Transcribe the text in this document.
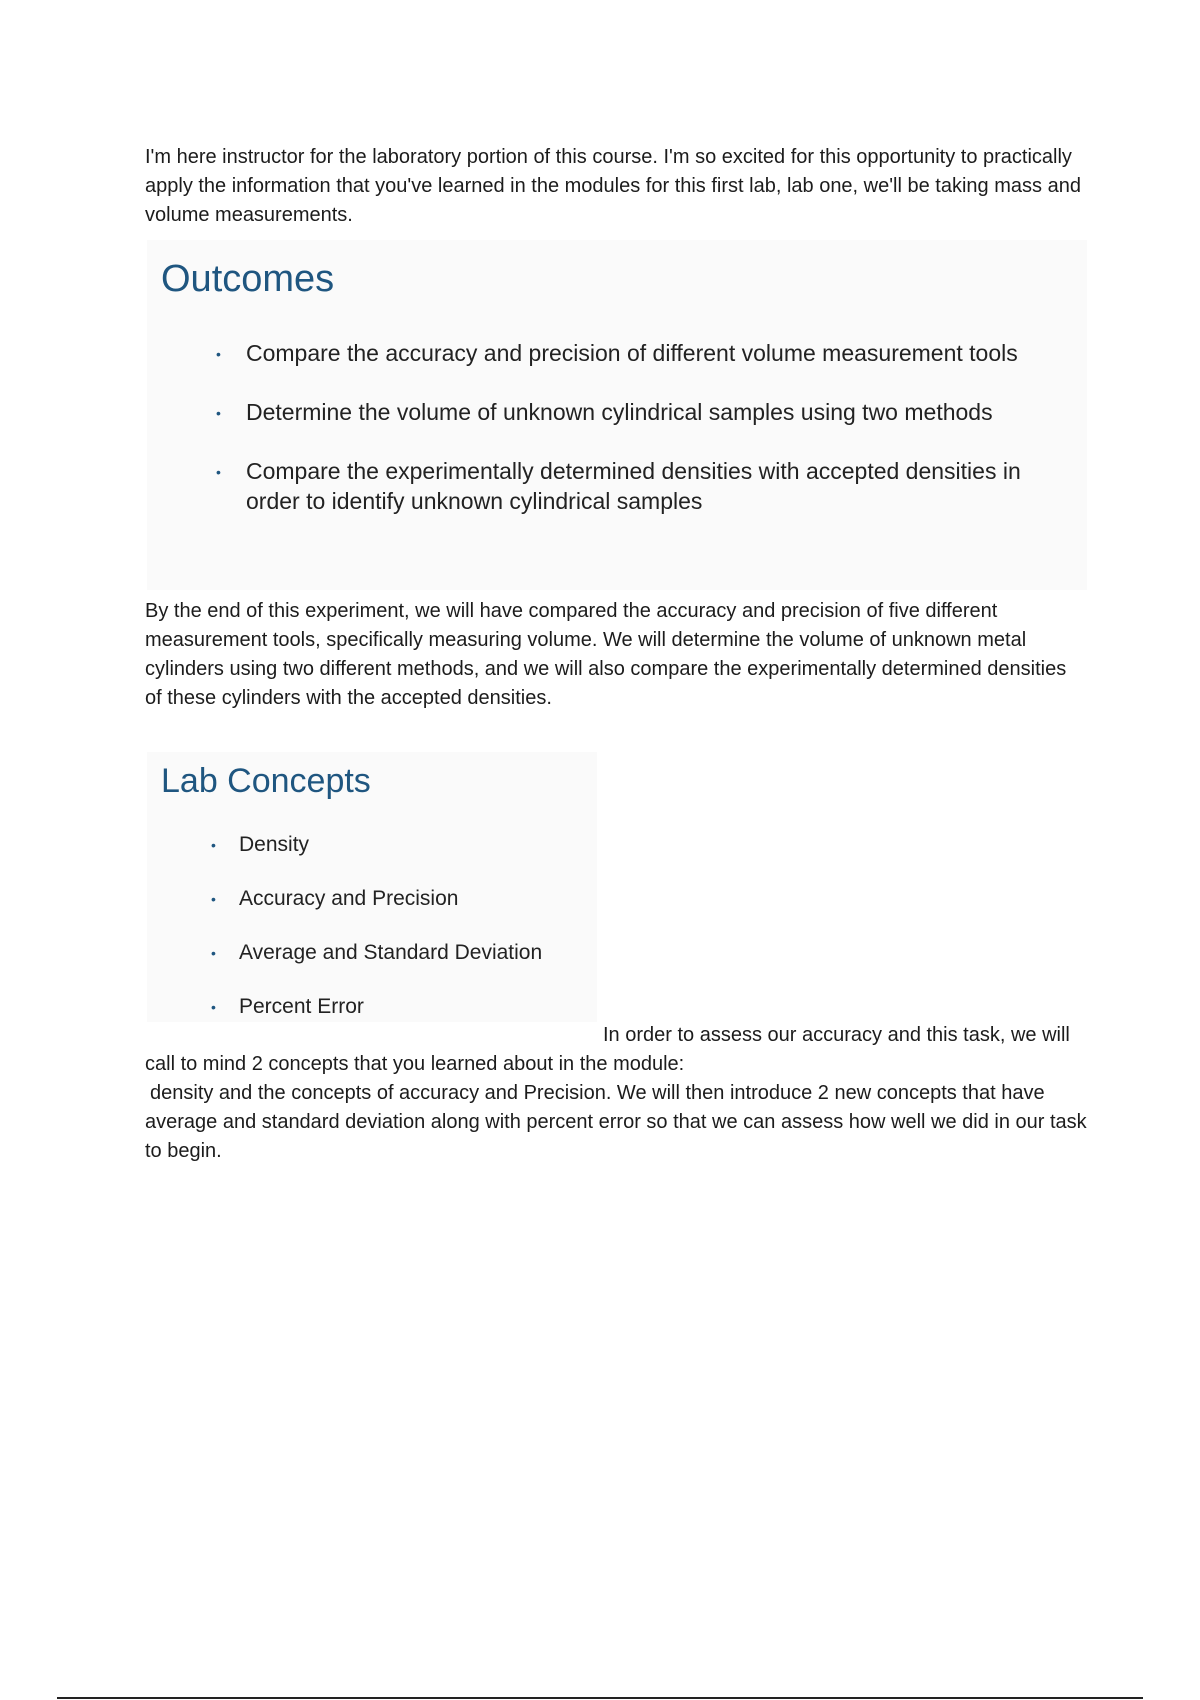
I'm here instructor for the laboratory portion of this course. I'm so excited for this opportunity to practically apply the information that you've learned in the modules for this first lab, lab one, we'll be taking mass and volume measurements.

Outcomes
• Compare the accuracy and precision of different volume measurement tools
• Determine the volume of unknown cylindrical samples using two methods
• Compare the experimentally determined densities with accepted densities in order to identify unknown cylindrical samples

By the end of this experiment, we will have compared the accuracy and precision of five different measurement tools, specifically measuring volume. We will determine the volume of unknown metal cylinders using two different methods, and we will also compare the experimentally determined densities of these cylinders with the accepted densities.

Lab Concepts
• Density
• Accuracy and Precision
• Average and Standard Deviation
• Percent Error

In order to assess our accuracy and this task, we will call to mind 2 concepts that you learned about in the module:
density and the concepts of accuracy and Precision. We will then introduce 2 new concepts that have average and standard deviation along with percent error so that we can assess how well we did in our task to begin.
